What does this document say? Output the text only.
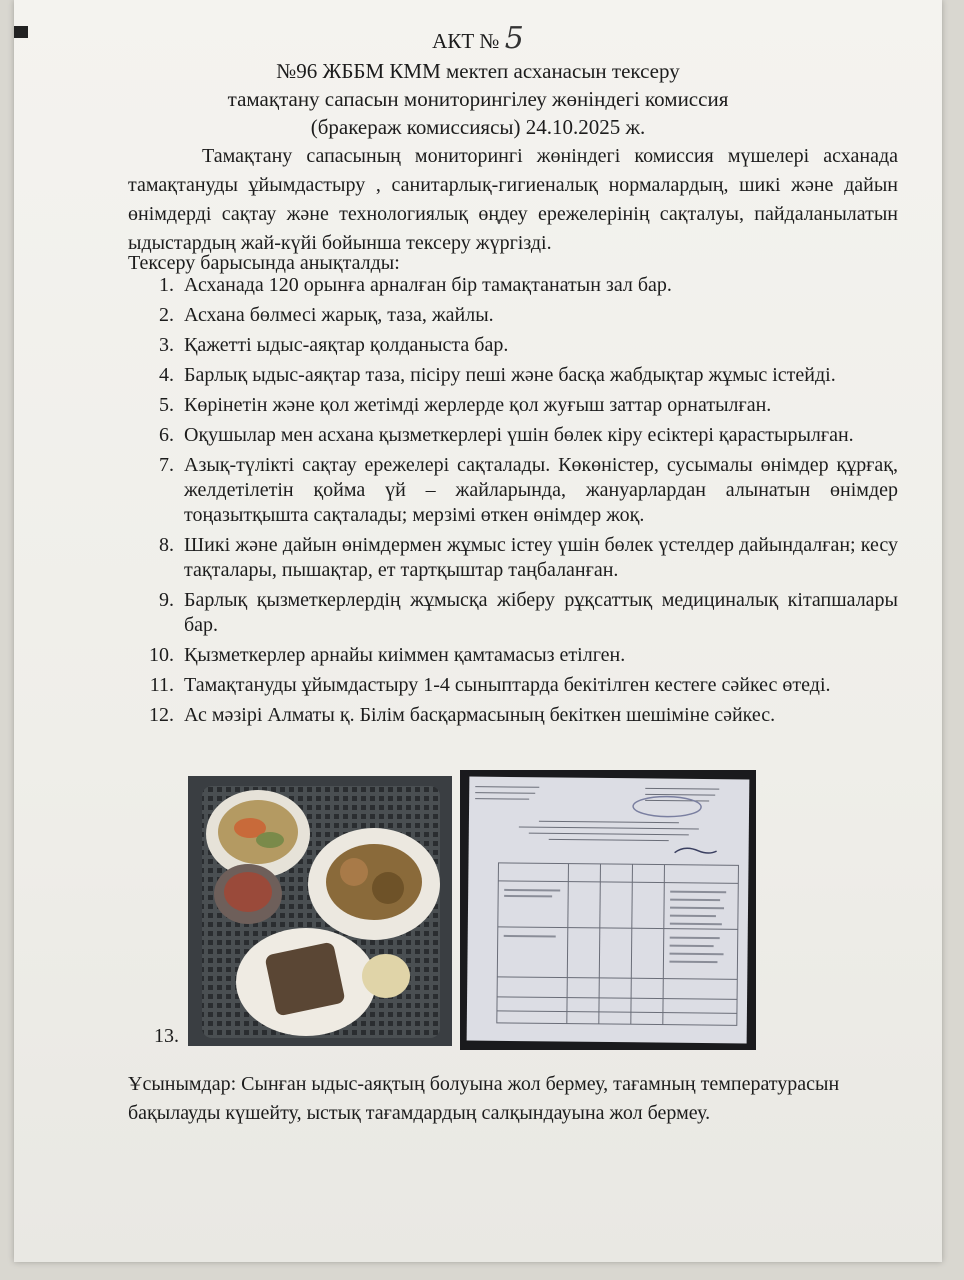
АКТ № 5
№96 ЖББМ КММ мектеп асханасын тексеру
тамақтану сапасын мониторингілеу жөніндегі комиссия
(бракераж комиссиясы) 24.10.2025 ж.
Тамақтану сапасының мониторингі жөніндегі комиссия мүшелері асханада тамақтануды ұйымдастыру , санитарлық-гигиеналық нормалардың, шикі және дайын өнімдерді сақтау және технологиялық өңдеу ережелерінің сақталуы, пайдаланылатын ыдыстардың жай-күйі бойынша тексеру жүргізді.
Тексеру барысында анықталды:
1. Асханада 120 орынға арналған бір тамақтанатын зал бар.
2. Асхана бөлмесі жарық, таза, жайлы.
3. Қажетті ыдыс-аяқтар қолданыста бар.
4. Барлық ыдыс-аяқтар таза, пісіру пеші және басқа жабдықтар жұмыс істейді.
5. Көрінетін және қол жетімді жерлерде қол жуғыш заттар орнатылған.
6. Оқушылар мен асхана қызметкерлері үшін бөлек кіру есіктері қарастырылған.
7. Азық-түлікті сақтау ережелері сақталады. Көкөністер, сусымалы өнімдер құрғақ, желдетілетін қойма үй – жайларында, жануарлардан алынатын өнімдер тоңазытқышта сақталады; мерзімі өткен өнімдер жоқ.
8. Шикі және дайын өнімдермен жұмыс істеу үшін бөлек үстелдер дайындалған; кесу тақталары, пышақтар, ет тартқыштар таңбаланған.
9. Барлық қызметкерлердің жұмысқа жіберу рұқсаттық медициналық кітапшалары бар.
10. Қызметкерлер арнайы киіммен қамтамасыз етілген.
11. Тамақтануды ұйымдастыру 1-4 сыныптарда бекітілген кестеге сәйкес өтеді.
12. Ас мәзірі Алматы қ. Білім басқармасының бекіткен шешіміне сәйкес.
13.
Ұсынымдар: Сынған ыдыс-аяқтың болуына жол бермеу, тағамның температурасын бақылауды күшейту, ыстық тағамдардың салқындауына жол бермеу.
